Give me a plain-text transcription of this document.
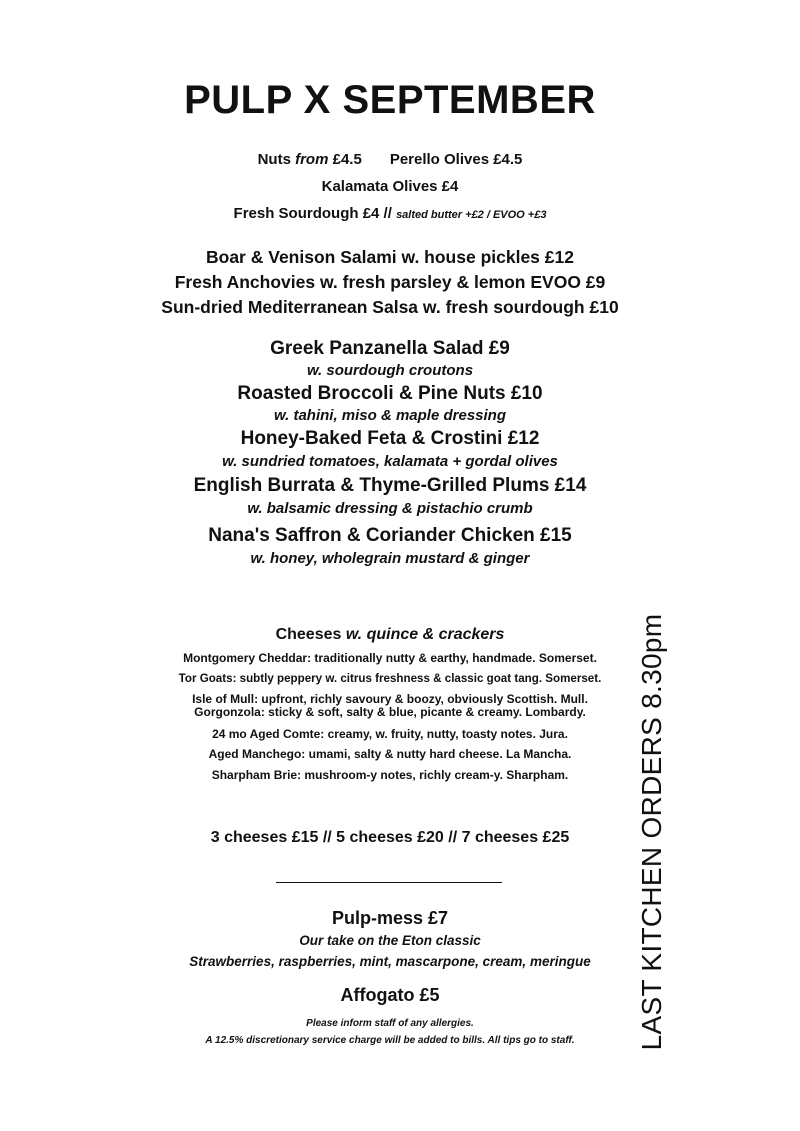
PULP X SEPTEMBER
Nuts from £4.5 Perello Olives £4.5
Kalamata Olives £4
Fresh Sourdough £4 // salted butter +£2 / EVOO +£3
Boar & Venison Salami w. house pickles £12
Fresh Anchovies w. fresh parsley & lemon EVOO £9
Sun-dried Mediterranean Salsa w. fresh sourdough £10
Greek Panzanella Salad £9
w. sourdough croutons
Roasted Broccoli & Pine Nuts £10
w. tahini, miso & maple dressing
Honey-Baked Feta & Crostini £12
w. sundried tomatoes, kalamata + gordal olives
English Burrata & Thyme-Grilled Plums £14
w. balsamic dressing & pistachio crumb
Nana's Saffron & Coriander Chicken £15
w. honey, wholegrain mustard & ginger
Cheeses w. quince & crackers
Montgomery Cheddar: traditionally nutty & earthy, handmade. Somerset.
Tor Goats: subtly peppery w. citrus freshness & classic goat tang. Somerset.
Isle of Mull: upfront, richly savoury & boozy, obviously Scottish. Mull.
Gorgonzola: sticky & soft, salty & blue, picante & creamy. Lombardy.
24 mo Aged Comte: creamy, w. fruity, nutty, toasty notes. Jura.
Aged Manchego: umami, salty & nutty hard cheese. La Mancha.
Sharpham Brie: mushroom-y notes, richly cream-y. Sharpham.
3 cheeses £15 // 5 cheeses £20 // 7 cheeses £25
Pulp-mess £7
Our take on the Eton classic
Strawberries, raspberries, mint, mascarpone, cream, meringue
Affogato £5
Please inform staff of any allergies.
A 12.5% discretionary service charge will be added to bills. All tips go to staff.	LAST KITCHEN ORDERS 8.30pm
